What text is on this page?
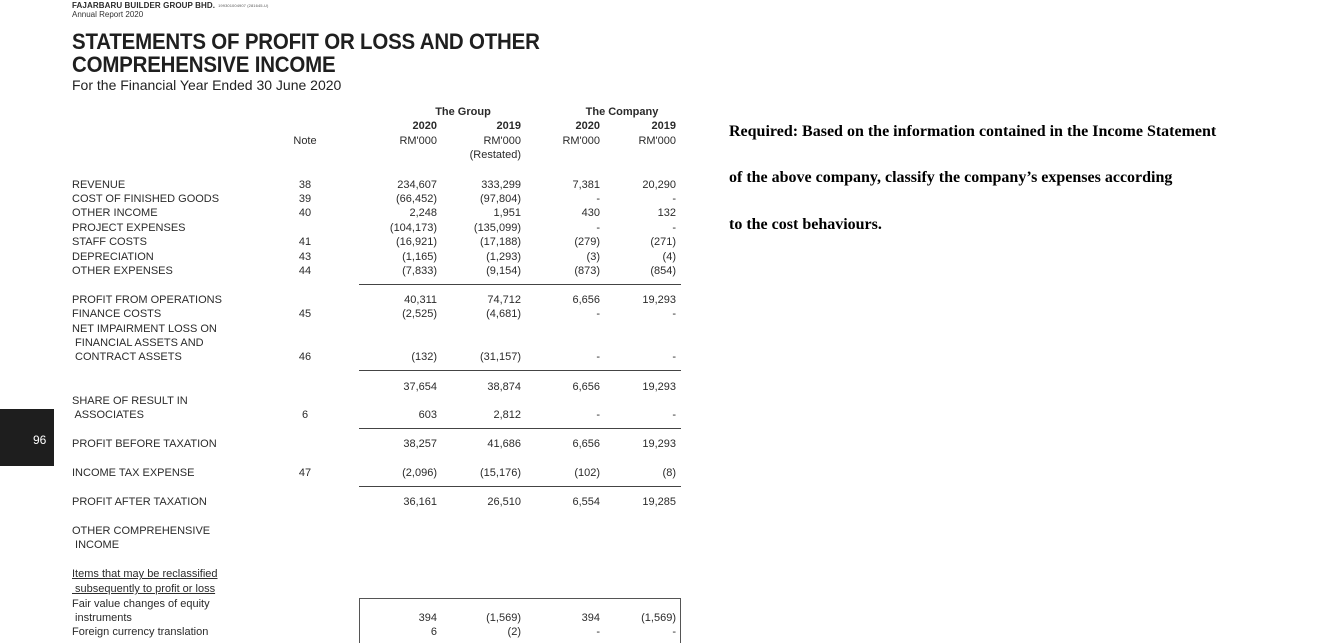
FAJARBARU BUILDER GROUP BHD. 199301004907 (281645-U)
Annual Report 2020
STATEMENTS OF PROFIT OR LOSS AND OTHER
COMPREHENSIVE INCOME
For the Financial Year Ended 30 June 2020
The Group	The Company
2020	2019	2020	2019
Note	RM'000	RM'000	RM'000	RM'000
(Restated)
REVENUE	38	234,607	333,299	7,381	20,290
COST OF FINISHED GOODS	39	(66,452)	(97,804)	-	-
OTHER INCOME	40	2,248	1,951	430	132
PROJECT EXPENSES	(104,173)	(135,099)	-	-
STAFF COSTS	41	(16,921)	(17,188)	(279)	(271)
DEPRECIATION	43	(1,165)	(1,293)	(3)	(4)
OTHER EXPENSES	44	(7,833)	(9,154)	(873)	(854)
PROFIT FROM OPERATIONS	40,311	74,712	6,656	19,293
FINANCE COSTS	45	(2,525)	(4,681)	-	-
NET IMPAIRMENT LOSS ON
FINANCIAL ASSETS AND
CONTRACT ASSETS	46	(132)	(31,157)	-	-
37,654	38,874	6,656	19,293
SHARE OF RESULT IN
ASSOCIATES	6	603	2,812	-	-
PROFIT BEFORE TAXATION	38,257	41,686	6,656	19,293
INCOME TAX EXPENSE	47	(2,096)	(15,176)	(102)	(8)
PROFIT AFTER TAXATION	36,161	26,510	6,554	19,285
OTHER COMPREHENSIVE
INCOME
Items that may be reclassified
subsequently to profit or loss
Fair value changes of equity
instruments	394	(1,569)	394	(1,569)
Foreign currency translation	6	(2)	-	-
96
Required: Based on the information contained in the Income Statement
of the above company, classify the company’s expenses according
to the cost behaviours.
